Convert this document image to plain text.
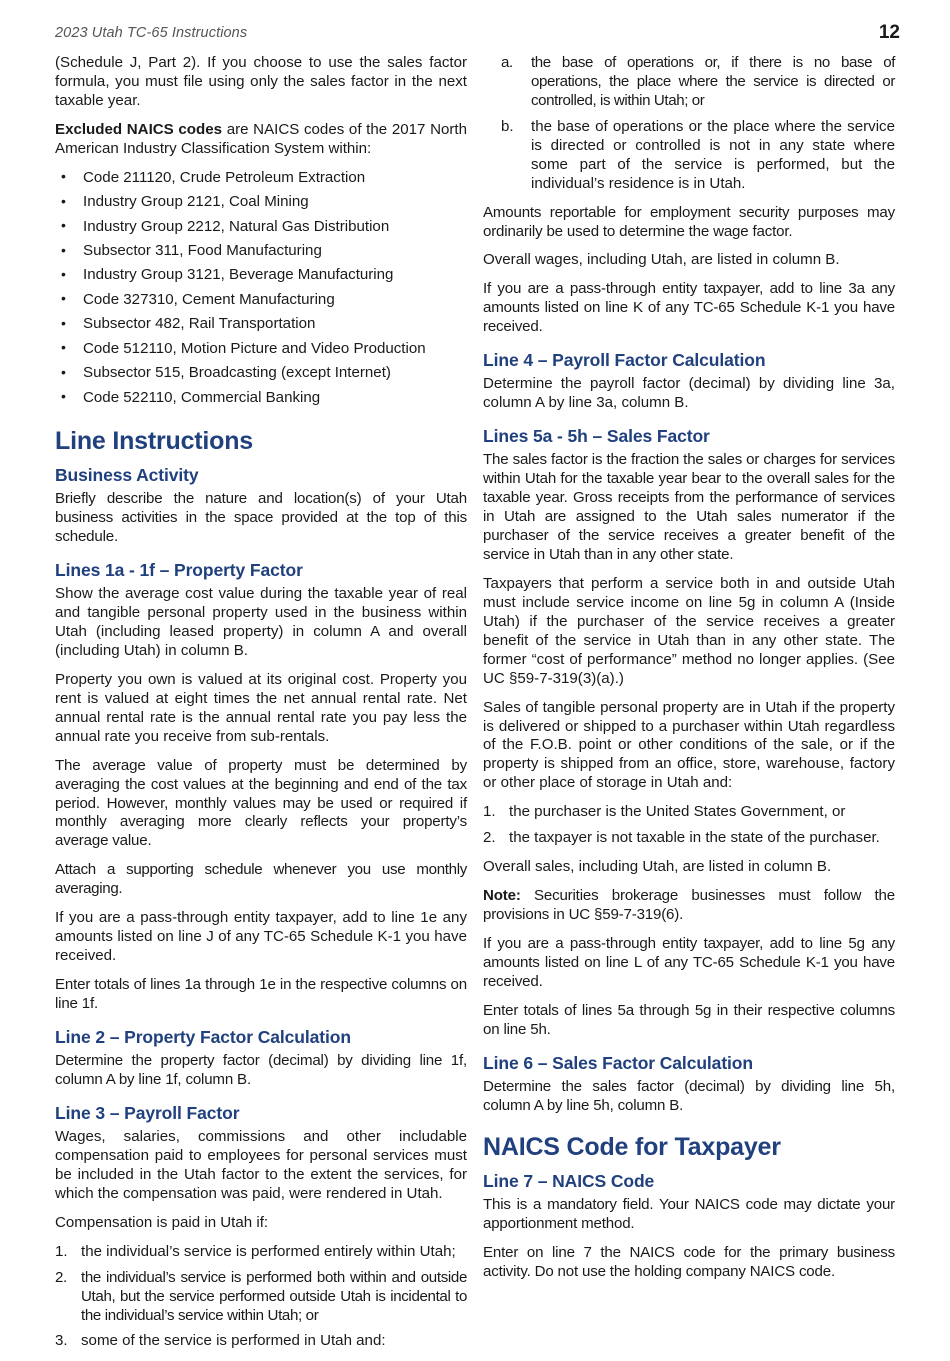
2023 Utah TC-65 Instructions	12

(Schedule J, Part 2). If you choose to use the sales factor formula, you must file using only the sales factor in the next taxable year.

Excluded NAICS codes are NAICS codes of the 2017 North American Industry Classification System within:

• Code 211120, Crude Petroleum Extraction
• Industry Group 2121, Coal Mining
• Industry Group 2212, Natural Gas Distribution
• Subsector 311, Food Manufacturing
• Industry Group 3121, Beverage Manufacturing
• Code 327310, Cement Manufacturing
• Subsector 482, Rail Transportation
• Code 512110, Motion Picture and Video Production
• Subsector 515, Broadcasting (except Internet)
• Code 522110, Commercial Banking
Line Instructions
Business Activity

Briefly describe the nature and location(s) of your Utah business activities in the space provided at the top of this schedule.

Lines 1a - 1f – Property Factor

Show the average cost value during the taxable year of real and tangible personal property used in the business within Utah (including leased property) in column A and overall (including Utah) in column B.

Property you own is valued at its original cost. Property you rent is valued at eight times the net annual rental rate. Net annual rental rate is the annual rental rate you pay less the annual rate you receive from sub-rentals.

The average value of property must be determined by averaging the cost values at the beginning and end of the tax period. However, monthly values may be used or required if monthly averaging more clearly reflects your property’s average value.

Attach a supporting schedule whenever you use monthly averaging.

If you are a pass-through entity taxpayer, add to line 1e any amounts listed on line J of any TC-65 Schedule K-1 you have received.

Enter totals of lines 1a through 1e in the respective columns on line 1f.

Line 2 – Property Factor Calculation

Determine the property factor (decimal) by dividing line 1f, column A by line 1f, column B.

Line 3 – Payroll Factor

Wages, salaries, commissions and other includable compensation paid to employees for personal services must be included in the Utah factor to the extent the services, for which the compensation was paid, were rendered in Utah.

Compensation is paid in Utah if:

1. the individual’s service is performed entirely within Utah;
2. the individual’s service is performed both within and outside Utah, but the service performed outside Utah is incidental to the individual’s service within Utah; or
3. some of the service is performed in Utah and:
a. the base of operations or, if there is no base of operations, the place where the service is directed or controlled, is within Utah; or
b. the base of operations or the place where the service is directed or controlled is not in any state where some part of the service is performed, but the individual’s residence is in Utah.

Amounts reportable for employment security purposes may ordinarily be used to determine the wage factor.

Overall wages, including Utah, are listed in column B.

If you are a pass-through entity taxpayer, add to line 3a any amounts listed on line K of any TC-65 Schedule K-1 you have received.

Line 4 – Payroll Factor Calculation

Determine the payroll factor (decimal) by dividing line 3a, column A by line 3a, column B.

Lines 5a - 5h – Sales Factor

The sales factor is the fraction the sales or charges for services within Utah for the taxable year bear to the overall sales for the taxable year. Gross receipts from the performance of services in Utah are assigned to the Utah sales numerator if the purchaser of the service receives a greater benefit of the service in Utah than in any other state.

Taxpayers that perform a service both in and outside Utah must include service income on line 5g in column A (Inside Utah) if the purchaser of the service receives a greater benefit of the service in Utah than in any other state. The former “cost of performance” method no longer applies. (See UC §59-7-319(3)(a).)

Sales of tangible personal property are in Utah if the property is delivered or shipped to a purchaser within Utah regardless of the F.O.B. point or other conditions of the sale, or if the property is shipped from an office, store, warehouse, factory or other place of storage in Utah and:

1. the purchaser is the United States Government, or
2. the taxpayer is not taxable in the state of the purchaser.

Overall sales, including Utah, are listed in column B.

Note: Securities brokerage businesses must follow the provisions in UC §59-7-319(6).

If you are a pass-through entity taxpayer, add to line 5g any amounts listed on line L of any TC-65 Schedule K-1 you have received.

Enter totals of lines 5a through 5g in their respective columns on line 5h.

Line 6 – Sales Factor Calculation

Determine the sales factor (decimal) by dividing line 5h, column A by line 5h, column B.

NAICS Code for Taxpayer
Line 7 – NAICS Code

This is a mandatory field. Your NAICS code may dictate your apportionment method.

Enter on line 7 the NAICS code for the primary business activity. Do not use the holding company NAICS code.
